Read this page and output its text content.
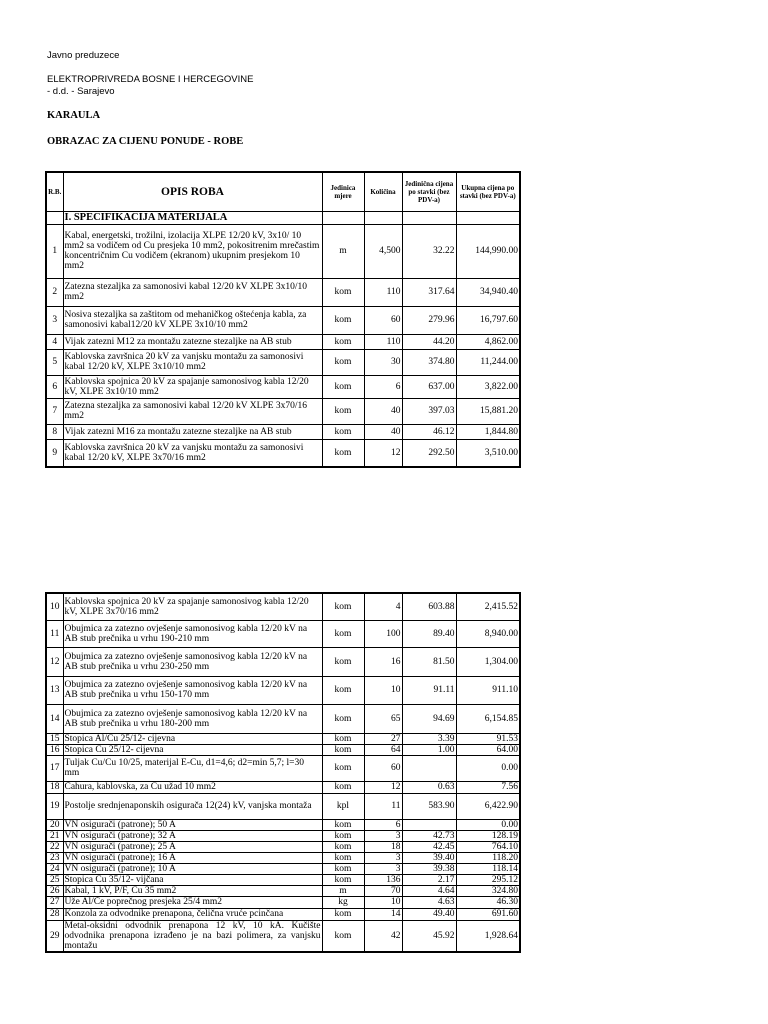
Javno preduzece
ELEKTROPRIVREDA BOSNE I HERCEGOVINE
- d.d. - Sarajevo
KARAULA
OBRAZAC ZA CIJENU PONUDE - ROBE
R.B.	OPIS ROBA	Jedinica mjere	Količina	Jedinična cijena po stavki (bez PDV-a)	Ukupna cijena po stavki (bez PDV-a)
	I. SPECIFIKACIJA MATERIJALA				
1	Kabal, energetski, trožilni, izolacija XLPE 12/20 kV, 3x10/ 10 mm2 sa vodičem od Cu presjeka 10 mm2, pokositrenim mrečastim koncentričnim Cu vodičem (ekranom) ukupnim presjekom 10 mm2	m	4,500	32.22	144,990.00
2	Zatezna stezaljka za samonosivi kabal 12/20 kV XLPE 3x10/10 mm2	kom	110	317.64	34,940.40
3	Nosiva stezaljka sa zaštitom od mehaničkog oštećenja kabla, za samonosivi kabal12/20 kV XLPE 3x10/10 mm2	kom	60	279.96	16,797.60
4	Vijak zatezni M12 za montažu zatezne stezaljke na AB stub	kom	110	44.20	4,862.00
5	Kablovska završnica 20 kV za vanjsku montažu za samonosivi kabal 12/20 kV, XLPE 3x10/10 mm2	kom	30	374.80	11,244.00
6	Kablovska spojnica 20 kV za spajanje samonosivog kabla 12/20 kV, XLPE 3x10/10 mm2	kom	6	637.00	3,822.00
7	Zatezna stezaljka za samonosivi kabal 12/20 kV XLPE 3x70/16 mm2	kom	40	397.03	15,881.20
8	Vijak zatezni M16 za montažu zatezne stezaljke na AB stub	kom	40	46.12	1,844.80
9	Kablovska završnica 20 kV za vanjsku montažu za samonosivi kabal 12/20 kV, XLPE 3x70/16 mm2	kom	12	292.50	3,510.00
10	Kablovska spojnica 20 kV za spajanje samonosivog kabla 12/20 kV, XLPE 3x70/16 mm2	kom	4	603.88	2,415.52
11	Obujmica za zatezno ovješenje samonosivog kabla 12/20 kV na AB stub prečnika u vrhu 190-210 mm	kom	100	89.40	8,940.00
12	Obujmica za zatezno ovješenje samonosivog kabla 12/20 kV na AB stub prečnika u vrhu 230-250 mm	kom	16	81.50	1,304.00
13	Obujmica za zatezno ovješenje samonosivog kabla 12/20 kV na AB stub prečnika u vrhu 150-170 mm	kom	10	91.11	911.10
14	Obujmica za zatezno ovješenje samonosivog kabla 12/20 kV na AB stub prečnika u vrhu 180-200 mm	kom	65	94.69	6,154.85
15	Stopica Al/Cu 25/12- cijevna	kom	27	3.39	91.53
16	Stopica Cu 25/12- cijevna	kom	64	1.00	64.00
17	Tuljak Cu/Cu 10/25, materijal E-Cu, d1=4,6; d2=min 5,7; l=30 mm	kom	60		0.00
18	Čahura, kablovska, za Cu užad 10 mm2	kom	12	0.63	7.56
19	Postolje srednjenaponskih osigurača 12(24) kV, vanjska montaža	kpl	11	583.90	6,422.90
20	VN osigurači (patrone); 50 A	kom	6		0.00
21	VN osigurači (patrone); 32 A	kom	3	42.73	128.19
22	VN osigurači (patrone); 25 A	kom	18	42.45	764.10
23	VN osigurači (patrone); 16 A	kom	3	39.40	118.20
24	VN osigurači (patrone); 10 A	kom	3	39.38	118.14
25	Stopica Cu 35/12- vijčana	kom	136	2.17	295.12
26	Kabal, 1 kV, P/F, Cu 35 mm2	m	70	4.64	324.80
27	Uže Al/Če poprečnog presjeka 25/4 mm2	kg	10	4.63	46.30
28	Konzola za odvodnike prenapona, čelična vruće pcinčana	kom	14	49.40	691.60
29	Metal-oksidni odvodnik prenapona 12 kV, 10 kA. Kučište odvodnika prenapona izrađeno je na bazi polimera, za vanjsku montažu	kom	42	45.92	1,928.64
